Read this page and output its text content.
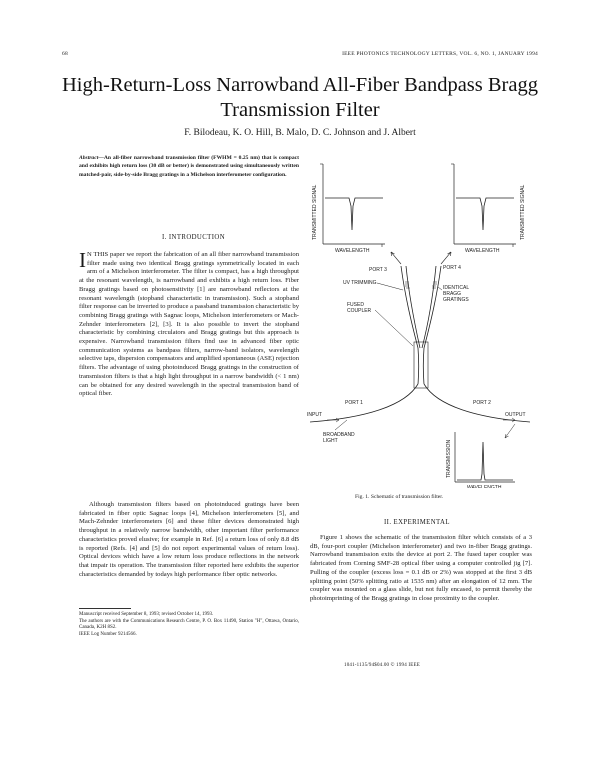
68	IEEE PHOTONICS TECHNOLOGY LETTERS, VOL. 6, NO. 1, JANUARY 1994
High-Return-Loss Narrowband All-Fiber Bandpass Bragg Transmission Filter
F. Bilodeau, K. O. Hill, B. Malo, D. C. Johnson and J. Albert

Abstract—An all-fiber narrowband transmission filter (FWHM = 0.25 nm) that is compact and exhibits high return loss (30 dB or better) is demonstrated using simultaneously written matched-pair, side-by-side Bragg gratings in a Michelson interferometer configuration.

I. INTRODUCTION

IN THIS paper we report the fabrication of an all fiber narrowband transmission filter made using two identical Bragg gratings symmetrically located in each arm of a Michelson interferometer. The filter is compact, has a high throughput at the resonant wavelength, is narrowband and exhibits a high return loss. Fiber Bragg gratings based on photosensitivity [1] are narrowband reflectors at the resonant wavelength (stopband characteristic in transmission). Such a stopband filter response can be inverted to produce a passband transmission characteristic by combining Bragg gratings with Sagnac loops, Michelson interferometers or Mach-Zehnder interferometers [2], [3]. It is also possible to invert the stopband characteristic by combining circulators and Bragg gratings but this approach is expensive. Narrowband transmission filters find use in advanced fiber optic communication systems as bandpass filters, narrow-band isolators, wavelength selective taps, dispersion compensators and amplified spontaneous (ASE) rejection filters. The advantage of using photoinduced Bragg gratings in the construction of transmission filters is that a high light throughput in a narrow bandwidth (< 1 nm) can be obtained for any desired wavelength in the spectral transmission band of optical fiber.

Although transmission filters based on photoinduced gratings have been fabricated in fiber optic Sagnac loops [4], Michelson interferometers [5], and Mach-Zehnder interferometers [6] and these filter devices demonstrated high throughput in a relatively narrow bandwidth, other important filter performance characteristics proved elusive; for example in Ref. [6] a return loss of only 8.8 dB is reported (Refs. [4] and [5] do not report experimental values of return loss). Optical devices which have a low return loss produce reflections in the network that impair its operation. The transmission filter reported here exhibits the superior characteristics demanded by todays high performance fiber optic networks.

Manuscript received September 8, 1993; revised October 14, 1993.
The authors are with the Communications Research Centre, P. O. Box 11490, Station "H", Ottawa, Ontario, Canada, K2H 8S2.
IEEE Log Number 9214566.

TRANSMITTED SIGNAL
WAVELENGTH
TRANSMITTED SIGNAL
WAVELENGTH
PORT 3	PORT 4
UV TRIMMING
IDENTICAL
BRAGG
GRATINGS
FUSED
COUPLER
PORT 1	PORT 2
INPUT	OUTPUT
BROADBAND
LIGHT	TRANSMISSION
WAVELENGTH
Fig. 1. Schematic of transmission filter.
II. EXPERIMENTAL

Figure 1 shows the schematic of the transmission filter which consists of a 3 dB, four-port coupler (Michelson interferometer) and two in-fiber Bragg gratings. Narrowband transmission exits the device at port 2. The fused taper coupler was fabricated from Corning SMF-28 optical fiber using a computer controlled jig [7]. Pulling of the coupler (excess loss = 0.1 dB or 2%) was stopped at the first 3 dB splitting point (50% splitting ratio at 1535 nm) after an elongation of 12 mm. The coupler was mounted on a glass slide, but not fully encased, to permit thereby the photoimprinting of the Bragg gratings in close proximity to the coupler.

1041-1135/94$04.00 © 1994 IEEE
